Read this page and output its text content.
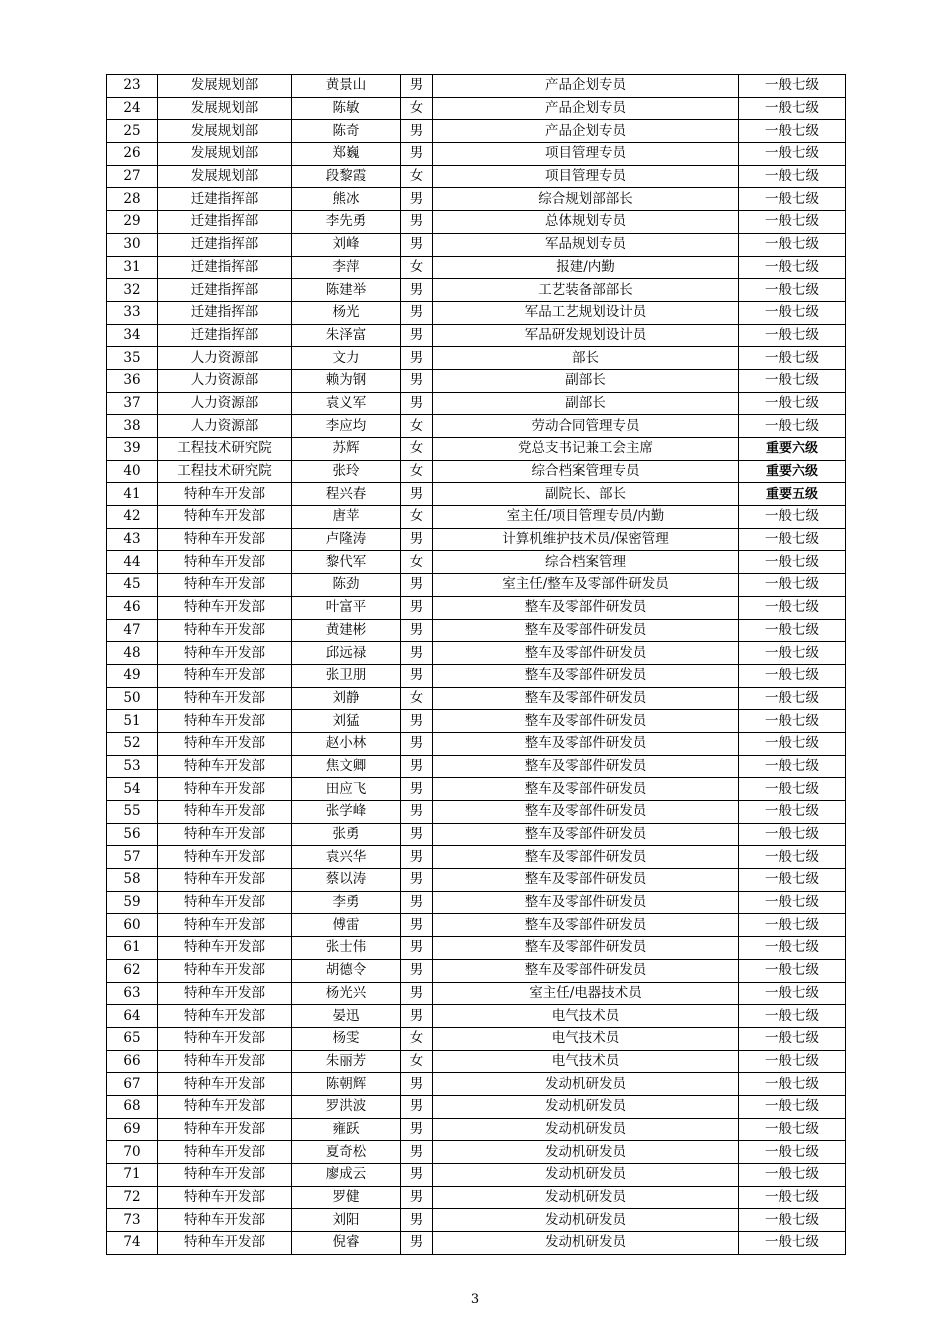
23	发展规划部	黄景山	男	产品企划专员	一般七级
24	发展规划部	陈敏	女	产品企划专员	一般七级
25	发展规划部	陈奇	男	产品企划专员	一般七级
26	发展规划部	郑巍	男	项目管理专员	一般七级
27	发展规划部	段黎霞	女	项目管理专员	一般七级
28	迁建指挥部	熊冰	男	综合规划部部长	一般七级
29	迁建指挥部	李先勇	男	总体规划专员	一般七级
30	迁建指挥部	刘峰	男	军品规划专员	一般七级
31	迁建指挥部	李萍	女	报建/内勤	一般七级
32	迁建指挥部	陈建举	男	工艺装备部部长	一般七级
33	迁建指挥部	杨光	男	军品工艺规划设计员	一般七级
34	迁建指挥部	朱泽富	男	军品研发规划设计员	一般七级
35	人力资源部	文力	男	部长	一般七级
36	人力资源部	赖为钢	男	副部长	一般七级
37	人力资源部	袁义军	男	副部长	一般七级
38	人力资源部	李应均	女	劳动合同管理专员	一般七级
39	工程技术研究院	苏辉	女	党总支书记兼工会主席	重要六级
40	工程技术研究院	张玲	女	综合档案管理专员	重要六级
41	特种车开发部	程兴春	男	副院长、部长	重要五级
42	特种车开发部	唐苹	女	室主任/项目管理专员/内勤	一般七级
43	特种车开发部	卢隆涛	男	计算机维护技术员/保密管理	一般七级
44	特种车开发部	黎代军	女	综合档案管理	一般七级
45	特种车开发部	陈劲	男	室主任/整车及零部件研发员	一般七级
46	特种车开发部	叶富平	男	整车及零部件研发员	一般七级
47	特种车开发部	黄建彬	男	整车及零部件研发员	一般七级
48	特种车开发部	邱远禄	男	整车及零部件研发员	一般七级
49	特种车开发部	张卫朋	男	整车及零部件研发员	一般七级
50	特种车开发部	刘静	女	整车及零部件研发员	一般七级
51	特种车开发部	刘猛	男	整车及零部件研发员	一般七级
52	特种车开发部	赵小林	男	整车及零部件研发员	一般七级
53	特种车开发部	焦文卿	男	整车及零部件研发员	一般七级
54	特种车开发部	田应飞	男	整车及零部件研发员	一般七级
55	特种车开发部	张学峰	男	整车及零部件研发员	一般七级
56	特种车开发部	张勇	男	整车及零部件研发员	一般七级
57	特种车开发部	袁兴华	男	整车及零部件研发员	一般七级
58	特种车开发部	蔡以涛	男	整车及零部件研发员	一般七级
59	特种车开发部	李勇	男	整车及零部件研发员	一般七级
60	特种车开发部	傅雷	男	整车及零部件研发员	一般七级
61	特种车开发部	张士伟	男	整车及零部件研发员	一般七级
62	特种车开发部	胡德令	男	整车及零部件研发员	一般七级
63	特种车开发部	杨光兴	男	室主任/电器技术员	一般七级
64	特种车开发部	晏迅	男	电气技术员	一般七级
65	特种车开发部	杨雯	女	电气技术员	一般七级
66	特种车开发部	朱丽芳	女	电气技术员	一般七级
67	特种车开发部	陈朝辉	男	发动机研发员	一般七级
68	特种车开发部	罗洪波	男	发动机研发员	一般七级
69	特种车开发部	雍跃	男	发动机研发员	一般七级
70	特种车开发部	夏奇松	男	发动机研发员	一般七级
71	特种车开发部	廖成云	男	发动机研发员	一般七级
72	特种车开发部	罗健	男	发动机研发员	一般七级
73	特种车开发部	刘阳	男	发动机研发员	一般七级
74	特种车开发部	倪睿	男	发动机研发员	一般七级
3
